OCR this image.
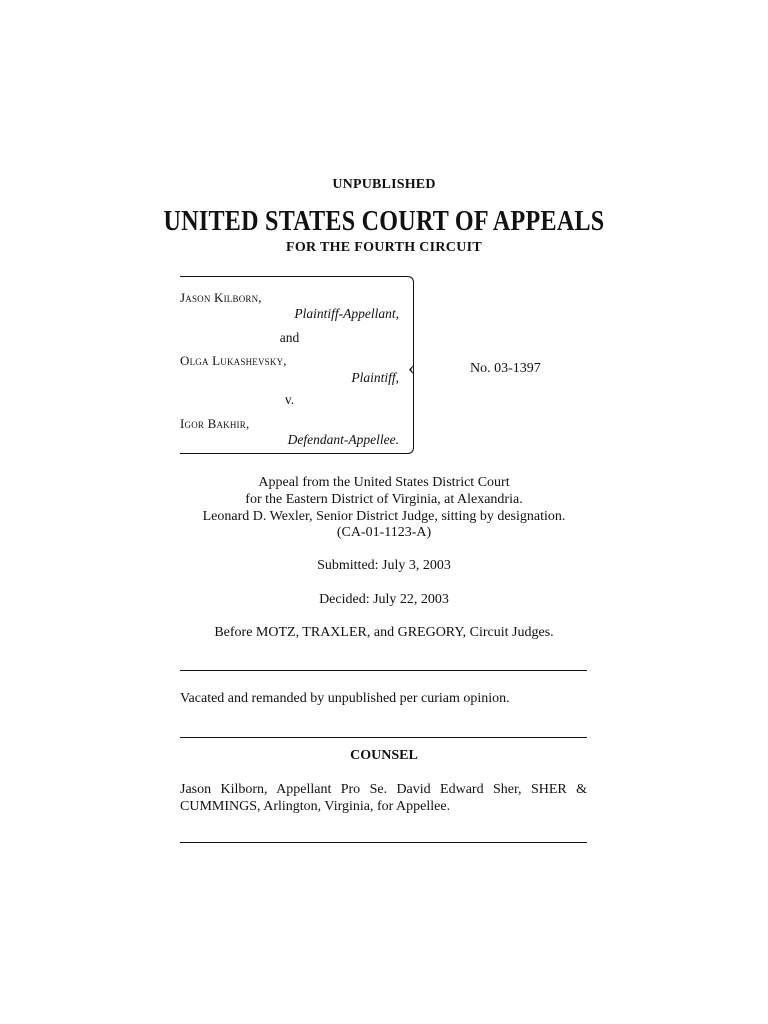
UNPUBLISHED
UNITED STATES COURT OF APPEALS
FOR THE FOURTH CIRCUIT
‹
Jason Kilborn,
Plaintiff-Appellant,
and
Olga Lukashevsky,
Plaintiff,
v.
Igor Bakhir,
Defendant-Appellee.
No. 03-1397
Appeal from the United States District Court
for the Eastern District of Virginia, at Alexandria.
Leonard D. Wexler, Senior District Judge, sitting by designation.
(CA-01-1123-A)
Submitted: July 3, 2003
Decided: July 22, 2003
Before MOTZ, TRAXLER, and GREGORY, Circuit Judges.
Vacated and remanded by unpublished per curiam opinion.
COUNSEL
Jason Kilborn, Appellant Pro Se. David Edward Sher, SHER & CUMMINGS, Arlington, Virginia, for Appellee.
